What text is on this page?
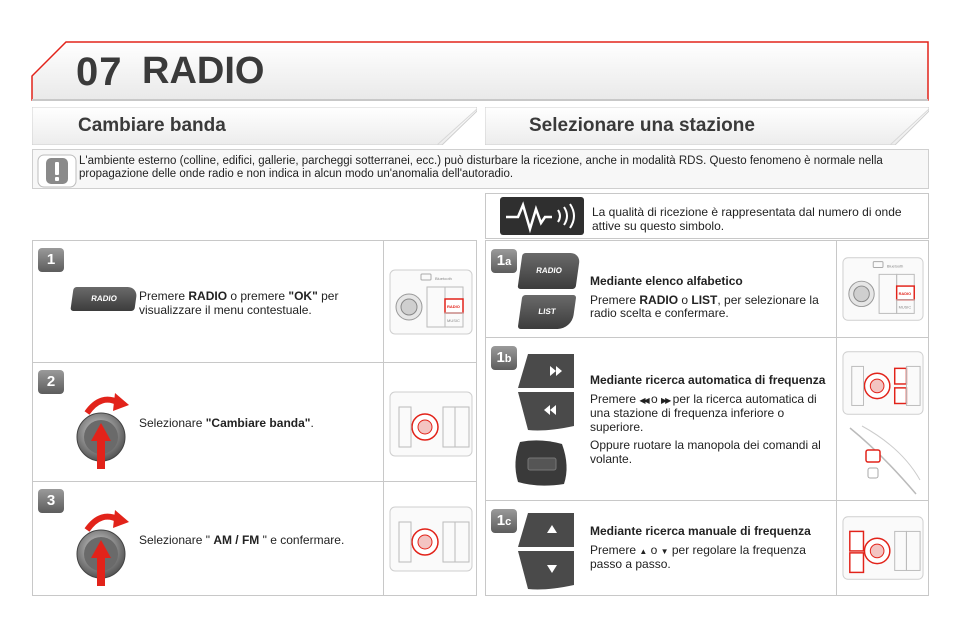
07 RADIO
Cambiare banda	Selezionare una stazione
L'ambiente esterno (colline, edifici, gallerie, parcheggi sotterranei, ecc.) può disturbare la ricezione, anche in modalità RDS. Questo fenomeno è normale nella propagazione delle onde radio e non indica in alcun modo un'anomalia dell'autoradio.
1
RADIO	Premere RADIO o premere "OK" per visualizzare il menu contestuale.
Bluetooth
RADIO
MUSIC
2
Selezionare "Cambiare banda".
3
Selezionare " AM / FM " e confermare.
La qualità di ricezione è rappresentata dal numero di onde attive su questo simbolo.
1a
RADIO
LIST
Mediante elenco alfabetico
Premere RADIO o LIST, per selezionare la radio scelta e confermare.
Bluetooth
RADIO
MUSIC
1b
Mediante ricerca automatica di frequenza
Premere ◀◀ o ▶▶ per la ricerca automatica di una stazione di frequenza inferiore o superiore.
Oppure ruotare la manopola dei comandi al volante.
1c
Mediante ricerca manuale di frequenza
Premere ▲ o ▼ per regolare la frequenza passo a passo.
